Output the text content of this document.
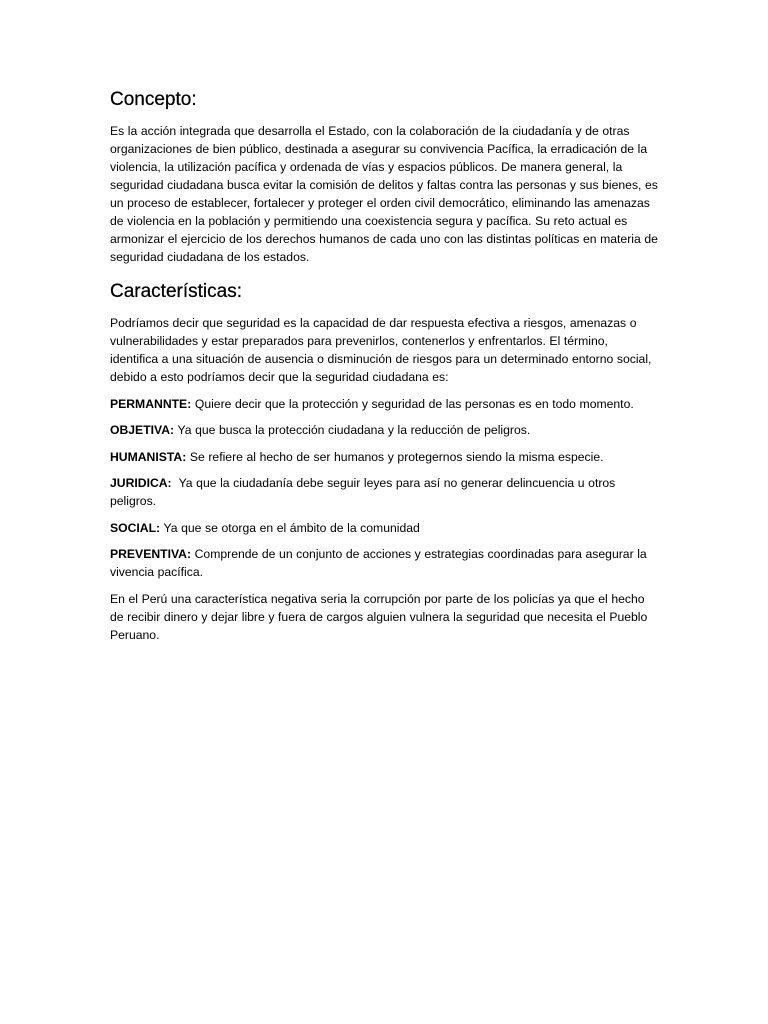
Concepto:

Es la acción integrada que desarrolla el Estado, con la colaboración de la ciudadanía y de otras organizaciones de bien público, destinada a asegurar su convivencia Pacífica, la erradicación de la violencia, la utilización pacífica y ordenada de vías y espacios públicos. De manera general, la seguridad ciudadana busca evitar la comisión de delitos y faltas contra las personas y sus bienes, es un proceso de establecer, fortalecer y proteger el orden civil democrático, eliminando las amenazas de violencia en la población y permitiendo una coexistencia segura y pacífica. Su reto actual es armonizar el ejercicio de los derechos humanos de cada uno con las distintas políticas en materia de seguridad ciudadana de los estados.

Características:

Podríamos decir que seguridad es la capacidad de dar respuesta efectiva a riesgos, amenazas o vulnerabilidades y estar preparados para prevenirlos, contenerlos y enfrentarlos. El término, identifica a una situación de ausencia o disminución de riesgos para un determinado entorno social, debido a esto podríamos decir que la seguridad ciudadana es:

PERMANNTE: Quiere decir que la protección y seguridad de las personas es en todo momento.

OBJETIVA: Ya que busca la protección ciudadana y la reducción de peligros.

HUMANISTA: Se refiere al hecho de ser humanos y protegernos siendo la misma especie.

JURIDICA:  Ya que la ciudadanía debe seguir leyes para así no generar delincuencia u otros peligros.

SOCIAL: Ya que se otorga en el ámbito de la comunidad

PREVENTIVA: Comprende de un conjunto de acciones y estrategias coordinadas para asegurar la vivencia pacífica.

En el Perú una característica negativa seria la corrupción por parte de los policías ya que el hecho de recibir dinero y dejar libre y fuera de cargos alguien vulnera la seguridad que necesita el Pueblo Peruano.
